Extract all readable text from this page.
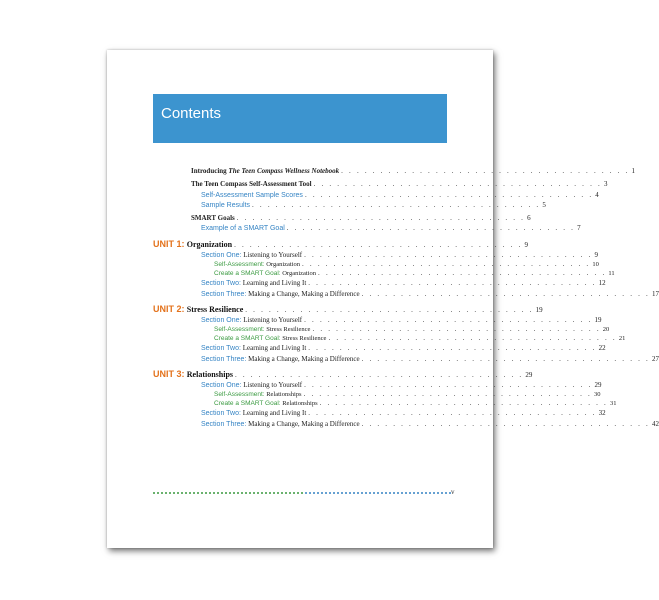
Contents
Introducing The Teen Compass Wellness Notebook . . . . . . . . . . . . . . . . . . . . . . . . . . . . . . . . . . . . . 1
The Teen Compass Self-Assessment Tool . . . . . . . . . . . . . . . . . . . . . . . . . . . . . . . . . . . . . 3
Self-Assessment Sample Scores . . . . . . . . . . . . . . . . . . . . . . . . . . . . . . . . . . . . . 4
Sample Results . . . . . . . . . . . . . . . . . . . . . . . . . . . . . . . . . . . . . 5
SMART Goals . . . . . . . . . . . . . . . . . . . . . . . . . . . . . . . . . . . . . 6
Example of a SMART Goal . . . . . . . . . . . . . . . . . . . . . . . . . . . . . . . . . . . . . 7
UNIT 1: Organization . . . . . . . . . . . . . . . . . . . . . . . . . . . . . . . . . . . . . 9
Section One: Listening to Yourself . . . . . . . . . . . . . . . . . . . . . . . . . . . . . . . . . . . . . 9
Self-Assessment: Organization . . . . . . . . . . . . . . . . . . . . . . . . . . . . . . . . . . . . . 10
Create a SMART Goal: Organization . . . . . . . . . . . . . . . . . . . . . . . . . . . . . . . . . . . . . 11
Section Two: Learning and Living It . . . . . . . . . . . . . . . . . . . . . . . . . . . . . . . . . . . . . 12
Section Three: Making a Change, Making a Difference . . . . . . . . . . . . . . . . . . . . . . . . . . . . . . . . . . . . . 17
UNIT 2: Stress Resilience . . . . . . . . . . . . . . . . . . . . . . . . . . . . . . . . . . . . . 19
Section One: Listening to Yourself . . . . . . . . . . . . . . . . . . . . . . . . . . . . . . . . . . . . . 19
Self-Assessment: Stress Resilience . . . . . . . . . . . . . . . . . . . . . . . . . . . . . . . . . . . . . 20
Create a SMART Goal: Stress Resilience . . . . . . . . . . . . . . . . . . . . . . . . . . . . . . . . . . . . . 21
Section Two: Learning and Living It . . . . . . . . . . . . . . . . . . . . . . . . . . . . . . . . . . . . . 22
Section Three: Making a Change, Making a Difference . . . . . . . . . . . . . . . . . . . . . . . . . . . . . . . . . . . . . 27
UNIT 3: Relationships . . . . . . . . . . . . . . . . . . . . . . . . . . . . . . . . . . . . . 29
Section One: Listening to Yourself . . . . . . . . . . . . . . . . . . . . . . . . . . . . . . . . . . . . . 29
Self-Assessment: Relationships . . . . . . . . . . . . . . . . . . . . . . . . . . . . . . . . . . . . . 30
Create a SMART Goal: Relationships . . . . . . . . . . . . . . . . . . . . . . . . . . . . . . . . . . . . . 31
Section Two: Learning and Living It . . . . . . . . . . . . . . . . . . . . . . . . . . . . . . . . . . . . . 32
Section Three: Making a Change, Making a Difference . . . . . . . . . . . . . . . . . . . . . . . . . . . . . . . . . . . . . 42
v
